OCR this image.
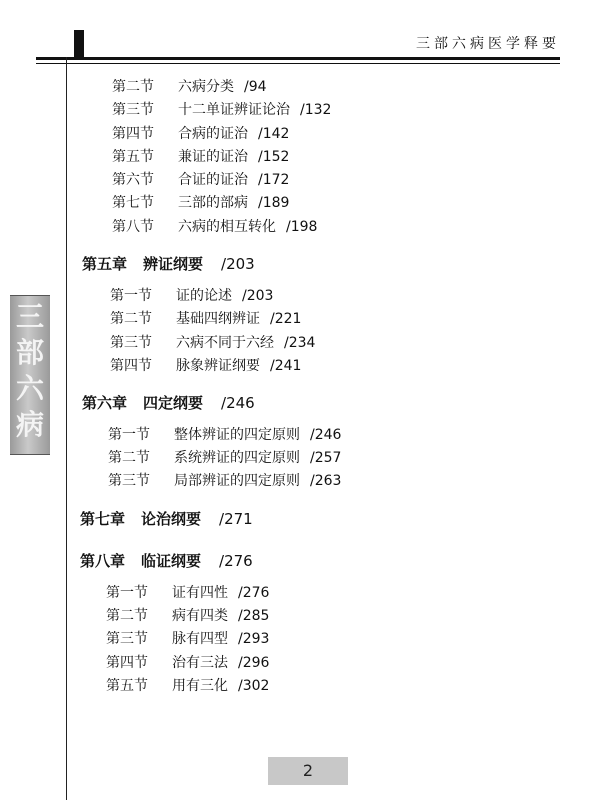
三部六病医学释要
三
部
六
病
第二节 六病分类 /94
第三节 十二单证辨证论治 /132
第四节 合病的证治 /142
第五节 兼证的证治 /152
第六节 合证的证治 /172
第七节 三部的部病 /189
第八节 六病的相互转化 /198
第五章 辨证纲要 /203
第一节 证的论述 /203
第二节 基础四纲辨证 /221
第三节 六病不同于六经 /234
第四节 脉象辨证纲要 /241
第六章 四定纲要 /246
第一节 整体辨证的四定原则 /246
第二节 系统辨证的四定原则 /257
第三节 局部辨证的四定原则 /263
第七章 论治纲要 /271
第八章 临证纲要 /276
第一节 证有四性 /276
第二节 病有四类 /285
第三节 脉有四型 /293
第四节 治有三法 /296
第五节 用有三化 /302
2
